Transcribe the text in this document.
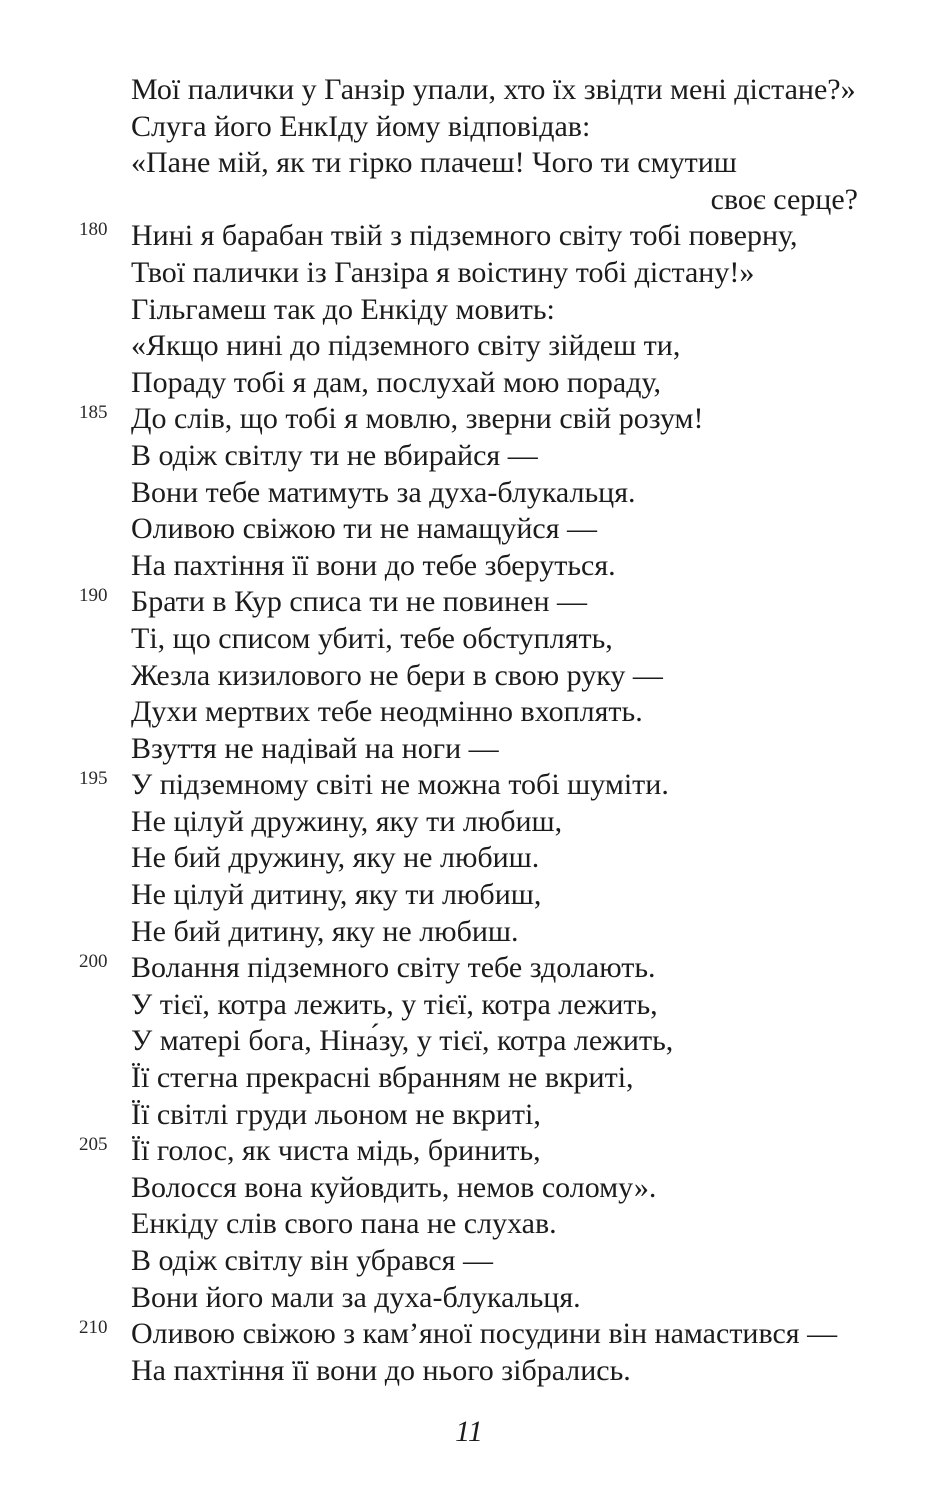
Мої палички у Ганзір упали, хто їх звідти мені дістане?»
Слуга його ЕнкІду йому відповідав:
«Пане мій, як ти гірко плачеш! Чого ти смутиш
своє серце?
180 Нині я барабан твій з підземного світу тобі поверну,
Твої палички із Ганзіра я воістину тобі дістану!»
Гільгамеш так до Енкіду мовить:
«Якщо нині до підземного світу зійдеш ти,
Пораду тобі я дам, послухай мою пораду,
185 До слів, що тобі я мовлю, зверни свій розум!
В одіж світлу ти не вбирайся —
Вони тебе матимуть за духа-блукальця.
Оливою свіжою ти не намащуйся —
На пахтіння її вони до тебе зберуться.
190 Брати в Кур списа ти не повинен —
Ті, що списом убиті, тебе обступлять,
Жезла кизилового не бери в свою руку —
Духи мертвих тебе неодмінно вхоплять.
Взуття не надівай на ноги —
195 У підземному світі не можна тобі шуміти.
Не цілуй дружину, яку ти любиш,
Не бий дружину, яку не любиш.
Не цілуй дитину, яку ти любиш,
Не бий дитину, яку не любиш.
200 Волання підземного світу тебе здолають.
У тієї, котра лежить, у тієї, котра лежить,
У матері бога, Ніна́зу, у тієї, котра лежить,
Її стегна прекрасні вбранням не вкриті,
Її світлі груди льоном не вкриті,
205 Її голос, як чиста мідь, бринить,
Волосся вона куйовдить, немов солому».
Енкіду слів свого пана не слухав.
В одіж світлу він убрався —
Вони його мали за духа-блукальця.
210 Оливою свіжою з кам’яної посудини він намастився —
На пахтіння її вони до нього зібрались.
11
